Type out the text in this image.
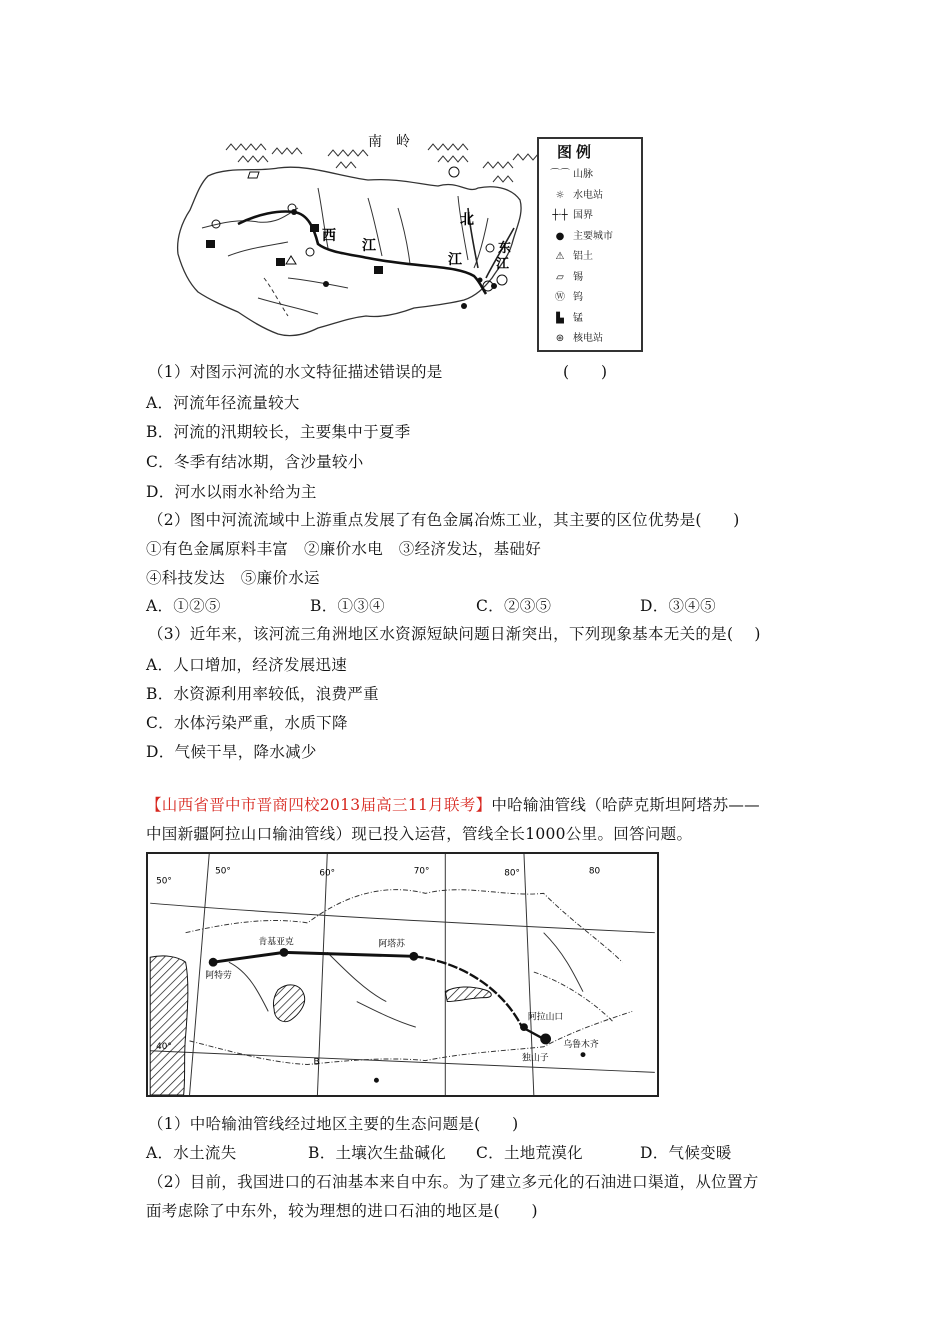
南　岭
西
江
北
江
东
江
图例
⌒⌒ 山脉
☼ 水电站
┼·┼ 国界
● 主要城市
⚠ 铝土
▱ 锡
Ⓦ 钨
▙ 锰
⊛ 核电站
（1）对图示河流的水文特征描述错误的是	(　　)
A．河流年径流量较大
B．河流的汛期较长，主要集中于夏季
C．冬季有结冰期，含沙量较小
D．河水以雨水补给为主
（2）图中河流流域中上游重点发展了有色金属冶炼工业，其主要的区位优势是(　　)
①有色金属原料丰富　②廉价水电　③经济发达，基础好
④科技发达　⑤廉价水运
A．①②⑤	B．①③④	C．②③⑤	D．③④⑤
（3）近年来，该河流三角洲地区水资源短缺问题日渐突出，下列现象基本无关的是(　 )
A．人口增加，经济发展迅速
B．水资源利用率较低，浪费严重
C．水体污染严重，水质下降
D．气候干旱，降水减少
【山西省晋中市晋商四校2013届高三11月联考】中哈输油管线（哈萨克斯坦阿塔苏——
中国新疆阿拉山口输油管线）现已投入运营，管线全长1000公里。回答问题。
50°	60°	70°	80°	80
40°
50°
阿特劳
肯基亚克	阿塔苏
阿拉山口
乌鲁木齐
独山子
B
（1）中哈输油管线经过地区主要的生态问题是(　　)
A．水土流失	B．土壤次生盐碱化 C．土地荒漠化	D．气候变暖
（2）目前，我国进口的石油基本来自中东。为了建立多元化的石油进口渠道，从位置方
面考虑除了中东外，较为理想的进口石油的地区是(　　)
